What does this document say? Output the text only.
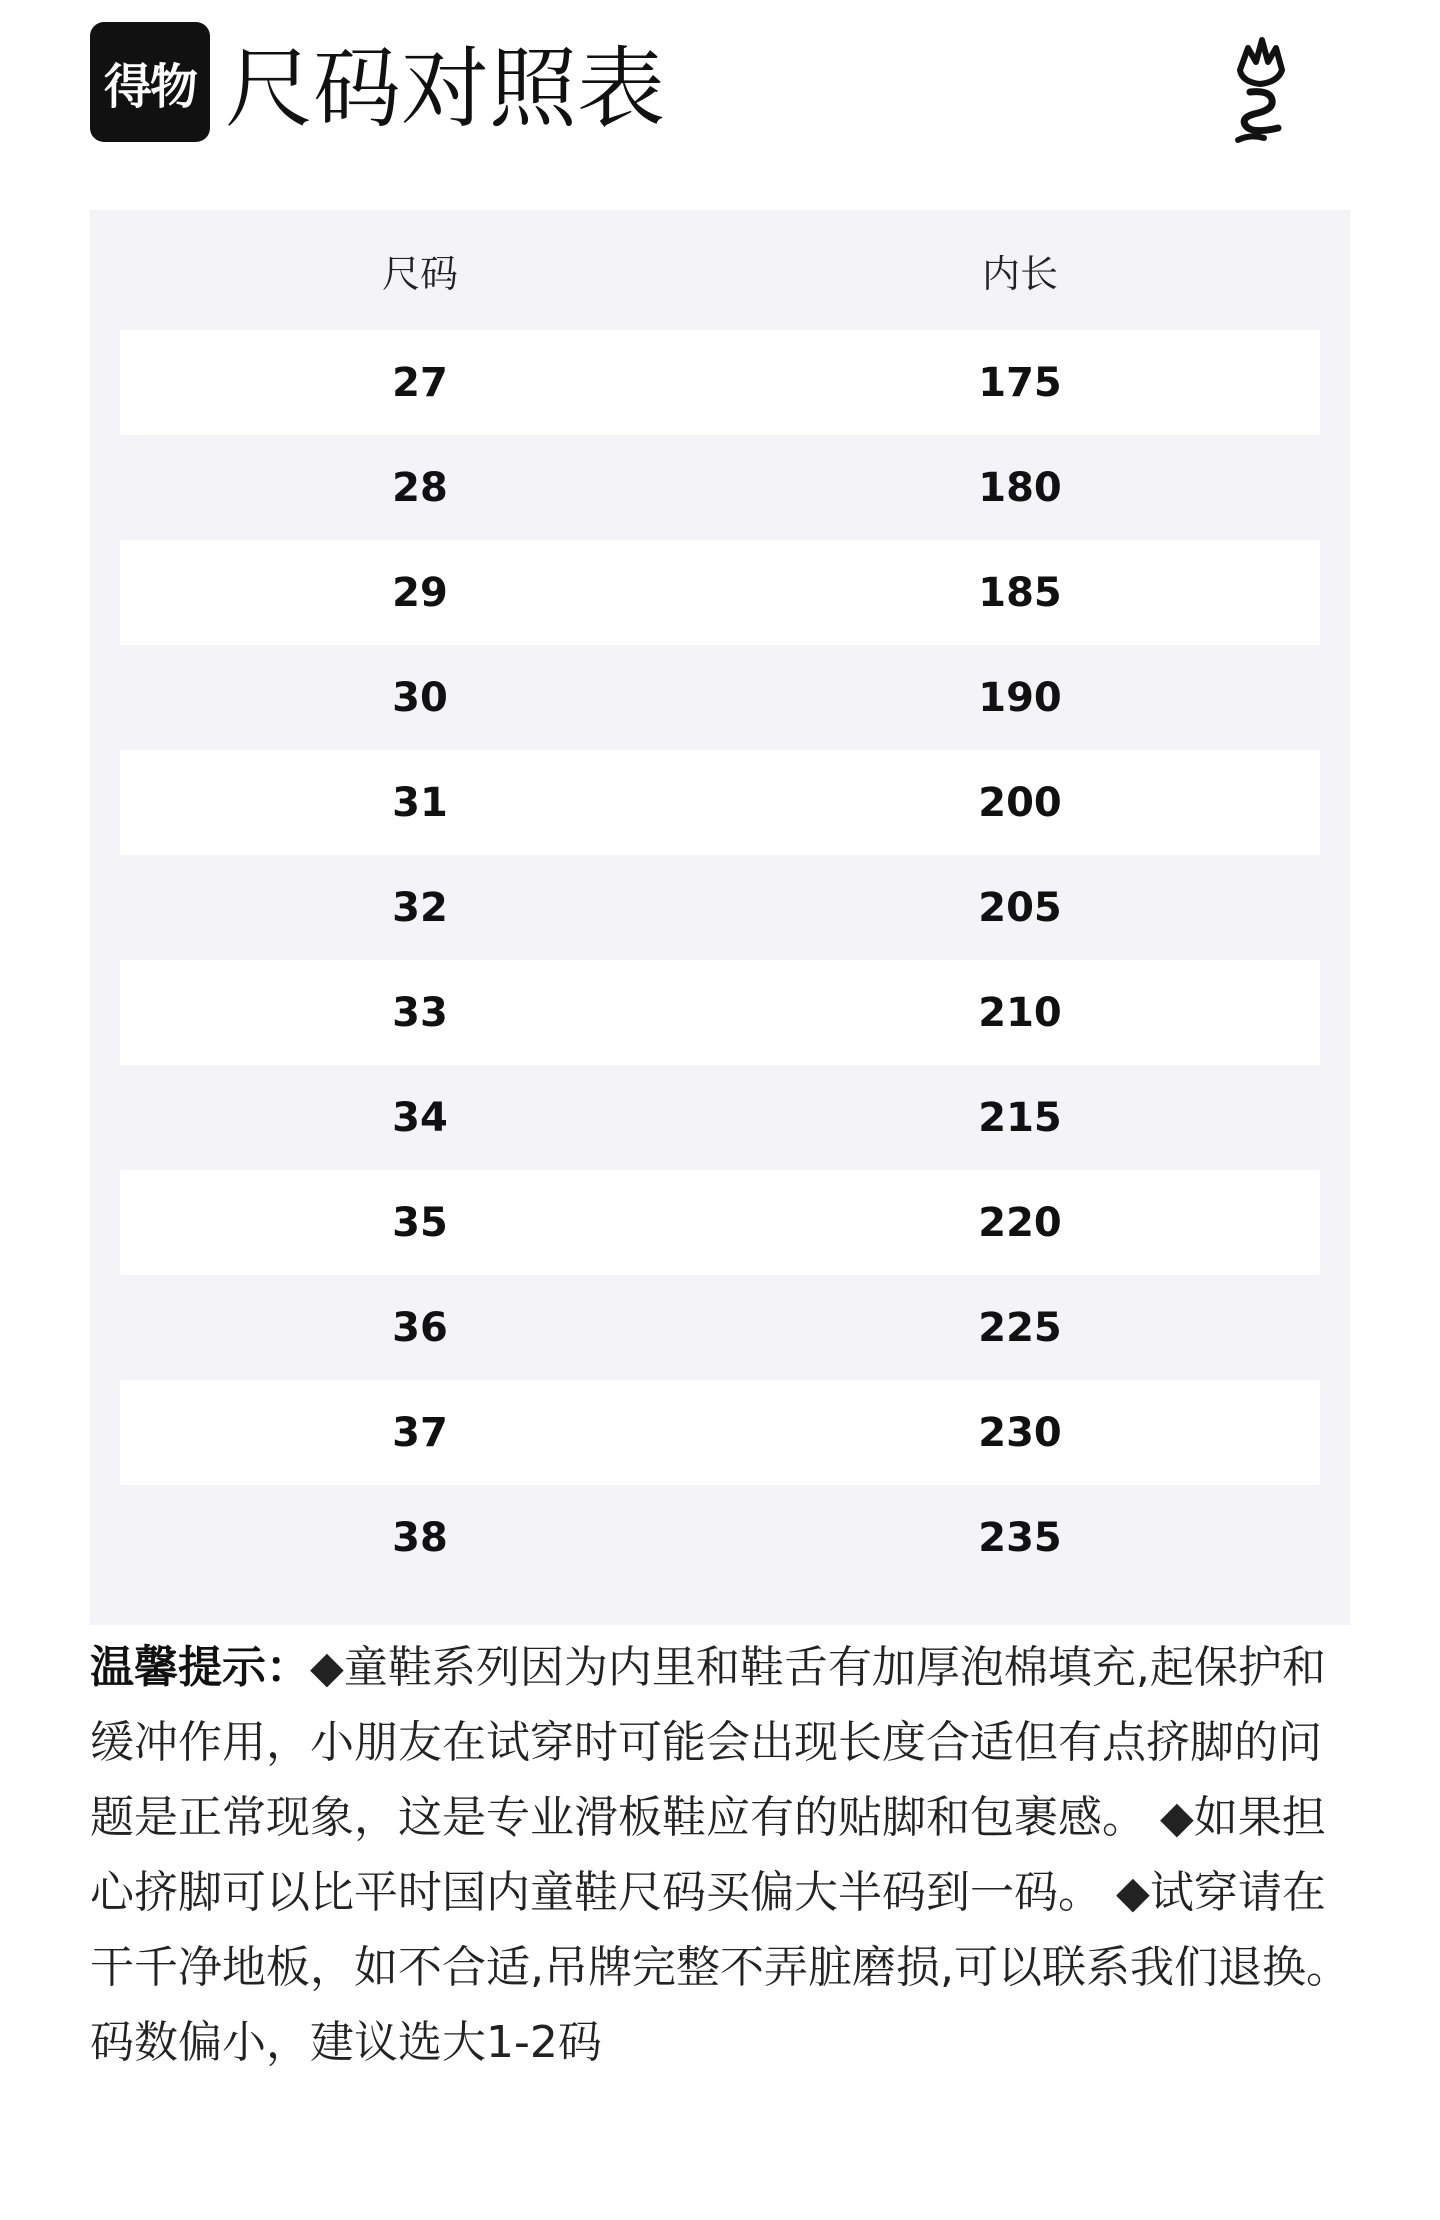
得物 尺码对照表
尺码	内长
27	175
28	180
29	185
30	190
31	200
32	205
33	210
34	215
35	220
36	225
37	230
38	235
温馨提示：◆童鞋系列因为内里和鞋舌有加厚泡棉填充,起保护和缓冲作用，小朋友在试穿时可能会出现长度合适但有点挤脚的问题是正常现象，这是专业滑板鞋应有的贴脚和包裹感。 ◆如果担心挤脚可以比平时国内童鞋尺码买偏大半码到一码。 ◆试穿请在干千净地板，如不合适,吊牌完整不弄脏磨损,可以联系我们退换。 码数偏小，建议选大1-2码
